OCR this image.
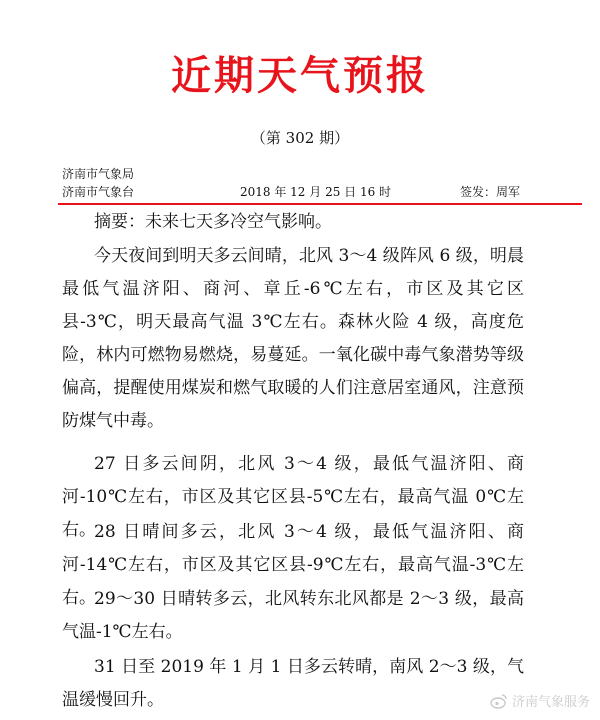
近期天气预报
（第 302 期）
济南市气象局
济南市气象台	2018 年 12 月 25 日 16 时	签发：周军
摘要：未来七天多冷空气影响。
今天夜间到明天多云间晴，北风 3～4 级阵风 6 级，明晨最低气温济阳、商河、章丘-6℃左右，市区及其它区县-3℃，明天最高气温 3℃左右。森林火险 4 级，高度危险，林内可燃物易燃烧，易蔓延。一氧化碳中毒气象潜势等级偏高，提醒使用煤炭和燃气取暖的人们注意居室通风，注意预防煤气中毒。
27 日多云间阴，北风 3～4 级，最低气温济阳、商河-10℃左右，市区及其它区县-5℃左右，最高气温 0℃左右。
28 日晴间多云，北风 3～4 级，最低气温济阳、商河-14℃左右，市区及其它区县-9℃左右，最高气温-3℃左右。
29～30 日晴转多云，北风转东北风都是 2～3 级，最高气温-1℃左右。
31 日至 2019 年 1 月 1 日多云转晴，南风 2～3 级，气温缓慢回升。	济南气象服务
